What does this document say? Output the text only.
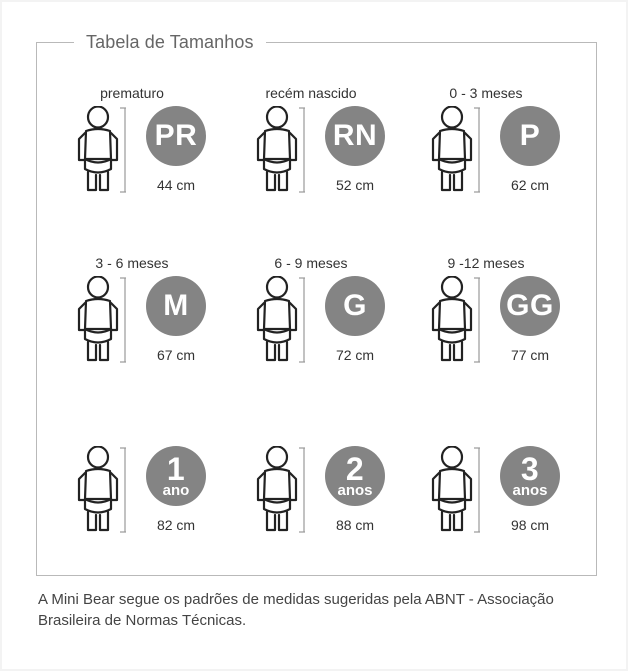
Tabela de Tamanhos
prematuro
PR
44 cm
recém nascido
RN
52 cm
0 - 3 meses
P
62 cm
3 - 6 meses
M
67 cm
6 - 9 meses
G
72 cm
9 -12 meses
GG
77 cm
1
ano
82 cm
2
anos
88 cm
3
anos
98 cm
A Mini Bear segue os padrões de medidas sugeridas pela ABNT - Associação Brasileira de Normas Técnicas.
